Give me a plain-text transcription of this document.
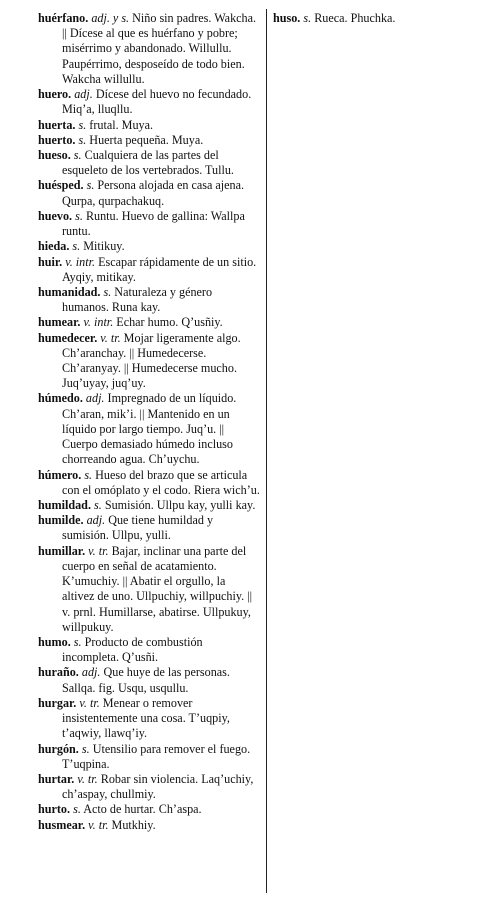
huérfano. adj. y s. Niño sin padres. Wakcha. || Dícese al que es huérfano y pobre; misérrimo y abandonado. Willullu. Paupérrimo, desposeído de todo bien. Wakcha willullu.

huero. adj. Dícese del huevo no fecundado. Miq’a, lluqllu.

huerta. s. frutal. Muya.

huerto. s. Huerta pequeña. Muya.

hueso. s. Cualquiera de las partes del esqueleto de los vertebrados. Tullu.

huésped. s. Persona alojada en casa ajena. Qurpa, qurpachakuq.

huevo. s. Runtu. Huevo de gallina: Wallpa runtu.

hieda. s. Mitikuy.

huir. v. intr. Escapar rápidamente de un sitio. Ayqiy, mitikay.

humanidad. s. Naturaleza y género humanos. Runa kay.

humear. v. intr. Echar humo. Q’usñiy.

humedecer. v. tr. Mojar ligeramente algo. Ch’aranchay. || Humedecerse. Ch’aranyay. || Humedecerse mucho. Juq’uyay, juq’uy.

húmedo. adj. Impregnado de un líquido. Ch’aran, mik’i. || Mantenido en un líquido por largo tiempo. Juq’u. || Cuerpo demasiado húmedo incluso chorreando agua. Ch’uychu.

húmero. s. Hueso del brazo que se articula con el omóplato y el codo. Riera wich’u.

humildad. s. Sumisión. Ullpu kay, yulli kay.

humilde. adj. Que tiene humildad y sumisión. Ullpu, yulli.

humillar. v. tr. Bajar, inclinar una parte del cuerpo en señal de acatamiento. K’umuchiy. || Abatir el orgullo, la altivez de uno. Ullpuchiy, willpuchiy. || v. prnl. Humillarse, abatirse. Ullpukuy, willpukuy.

humo. s. Producto de combustión incompleta. Q’usñi.

huraño. adj. Que huye de las personas. Sallqa. fig. Usqu, usqullu.

hurgar. v. tr. Menear o remover insistentemente una cosa. T’uqpiy, t’aqwiy, llawq’iy.

hurgón. s. Utensilio para remover el fuego. T’uqpina.

hurtar. v. tr. Robar sin violencia. Laq’uchiy, ch’aspay, chullmiy.

hurto. s. Acto de hurtar. Ch’aspa.

husmear. v. tr. Mutkhiy.

huso. s. Rueca. Phuchka.
